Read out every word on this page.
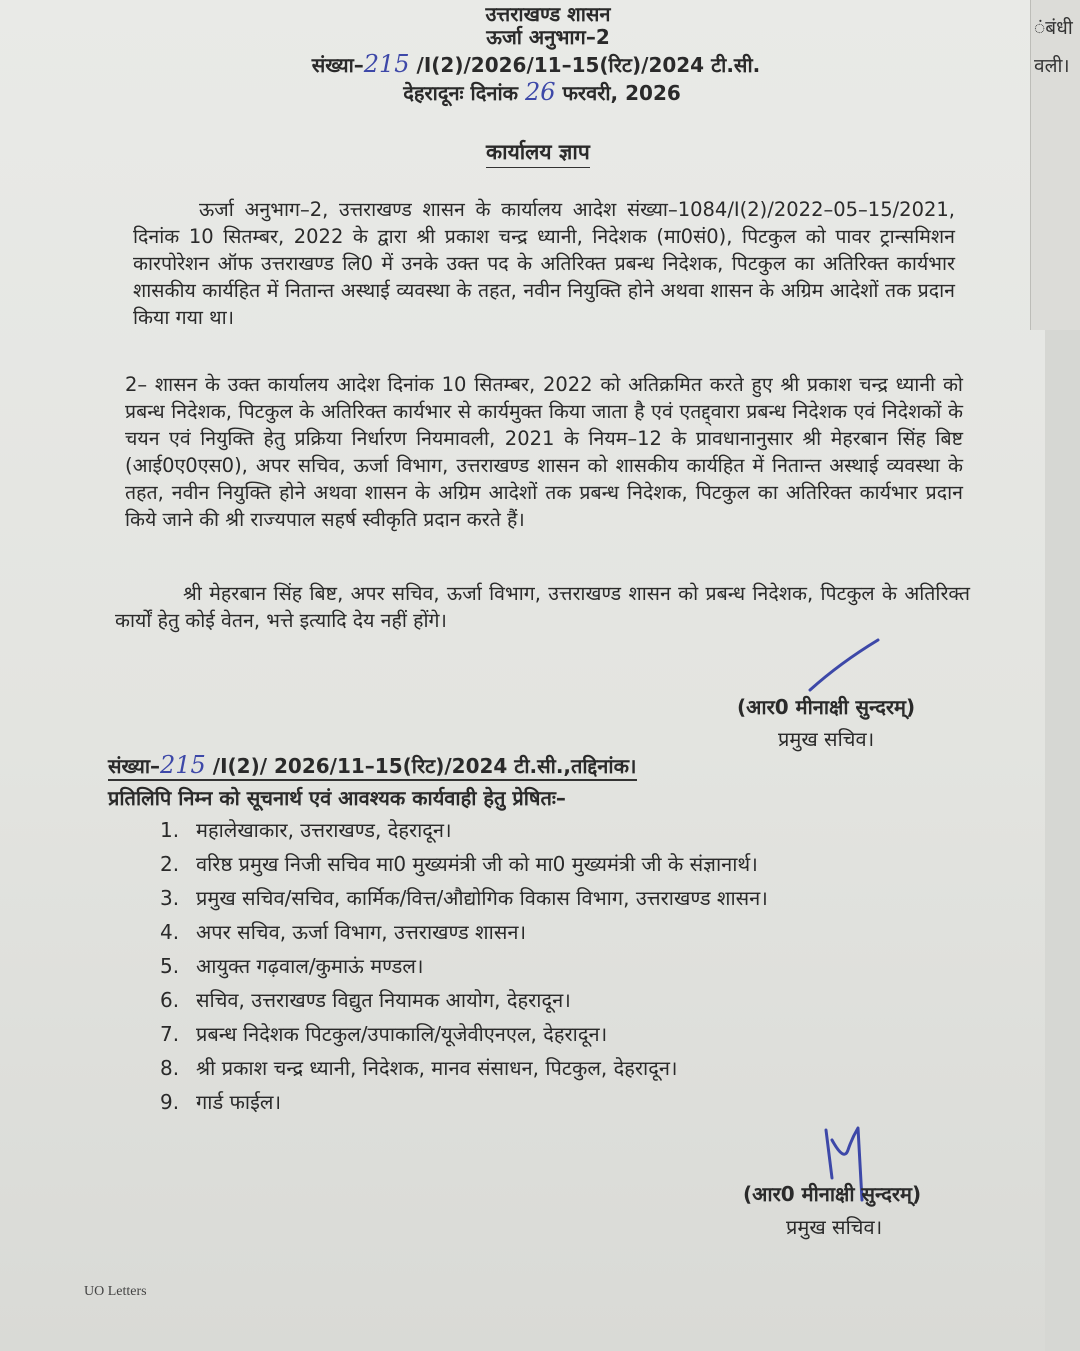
ंबंधी
वली।
उत्तराखण्ड शासन
ऊर्जा अनुभाग–2
संख्या–215 /I(2)/2026/11–15(रिट)/2024 टी.सी.
देहरादूनः दिनांक 26 फरवरी, 2026
कार्यालय ज्ञाप

ऊर्जा अनुभाग–2, उत्तराखण्ड शासन के कार्यालय आदेश संख्या–1084/I(2)/2022–05–15/2021, दिनांक 10 सितम्बर, 2022 के द्वारा श्री प्रकाश चन्द्र ध्यानी, निदेशक (मा0सं0), पिटकुल को पावर ट्रान्समिशन कारपोरेशन ऑफ उत्तराखण्ड लि0 में उनके उक्त पद के अतिरिक्त प्रबन्ध निदेशक, पिटकुल का अतिरिक्त कार्यभार शासकीय कार्यहित में नितान्त अस्थाई व्यवस्था के तहत, नवीन नियुक्ति होने अथवा शासन के अग्रिम आदेशों तक प्रदान किया गया था।

2– शासन के उक्त कार्यालय आदेश दिनांक 10 सितम्बर, 2022 को अतिक्रमित करते हुए श्री प्रकाश चन्द्र ध्यानी को प्रबन्ध निदेशक, पिटकुल के अतिरिक्त कार्यभार से कार्यमुक्त किया जाता है एवं एतद्द्वारा प्रबन्ध निदेशक एवं निदेशकों के चयन एवं नियुक्ति हेतु प्रक्रिया निर्धारण नियमावली, 2021 के नियम–12 के प्रावधानानुसार श्री मेहरबान सिंह बिष्ट (आई0ए0एस0), अपर सचिव, ऊर्जा विभाग, उत्तराखण्ड शासन को शासकीय कार्यहित में नितान्त अस्थाई व्यवस्था के तहत, नवीन नियुक्ति होने अथवा शासन के अग्रिम आदेशों तक प्रबन्ध निदेशक, पिटकुल का अतिरिक्त कार्यभार प्रदान किये जाने की श्री राज्यपाल सहर्ष स्वीकृति प्रदान करते हैं।

श्री मेहरबान सिंह बिष्ट, अपर सचिव, ऊर्जा विभाग, उत्तराखण्ड शासन को प्रबन्ध निदेशक, पिटकुल के अतिरिक्त कार्यों हेतु कोई वेतन, भत्ते इत्यादि देय नहीं होंगे।

(आर0 मीनाक्षी सुन्दरम्)
प्रमुख सचिव।
संख्या–215 /I(2)/ 2026/11–15(रिट)/2024 टी.सी.,तद्दिनांक।
प्रतिलिपि निम्न को सूचनार्थ एवं आवश्यक कार्यवाही हेतु प्रेषितः–
1. महालेखाकार, उत्तराखण्ड, देहरादून।
2. वरिष्ठ प्रमुख निजी सचिव मा0 मुख्यमंत्री जी को मा0 मुख्यमंत्री जी के संज्ञानार्थ।
3. प्रमुख सचिव/सचिव, कार्मिक/वित्त/औद्योगिक विकास विभाग, उत्तराखण्ड शासन।
4. अपर सचिव, ऊर्जा विभाग, उत्तराखण्ड शासन।
5. आयुक्त गढ़वाल/कुमाऊं मण्डल।
6. सचिव, उत्तराखण्ड विद्युत नियामक आयोग, देहरादून।
7. प्रबन्ध निदेशक पिटकुल/उपाकालि/यूजेवीएनएल, देहरादून।
8. श्री प्रकाश चन्द्र ध्यानी, निदेशक, मानव संसाधन, पिटकुल, देहरादून।
9. गार्ड फाईल।
(आर0 मीनाक्षी सुन्दरम्)
प्रमुख सचिव।
UO Letters
